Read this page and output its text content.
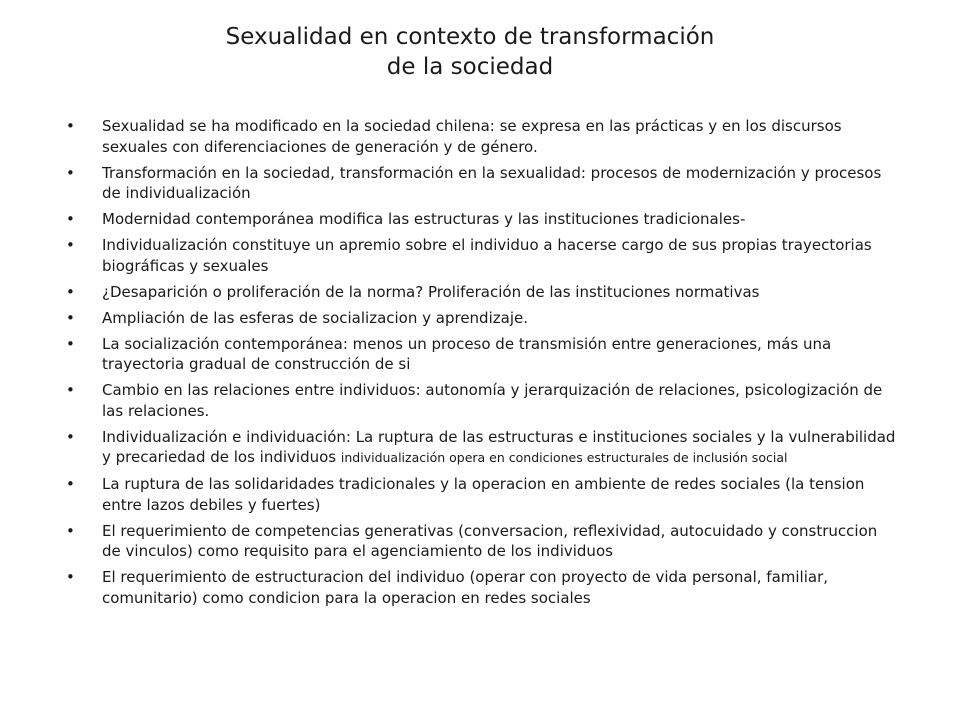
Sexualidad en contexto de transformación
de la sociedad
• Sexualidad se ha modificado en la sociedad chilena: se expresa en las prácticas y en los discursos sexuales con diferenciaciones de generación y de género.
• Transformación en la sociedad, transformación en la sexualidad: procesos de modernización y procesos de individualización
• Modernidad contemporánea modifica las estructuras y las instituciones tradicionales-
• Individualización constituye un apremio sobre el individuo a hacerse cargo de sus propias trayectorias biográficas y sexuales
• ¿Desaparición o proliferación de la norma? Proliferación de las instituciones normativas
• Ampliación de las esferas de socializacion y aprendizaje.
• La socialización contemporánea: menos un proceso de transmisión entre generaciones, más una trayectoria gradual de construcción de si
• Cambio en las relaciones entre individuos: autonomía y jerarquización de relaciones, psicologización de las relaciones.
• Individualización e individuación: La ruptura de las estructuras e instituciones sociales y la vulnerabilidad y precariedad de los individuos individualización opera en condiciones estructurales de inclusión social
• La ruptura de las solidaridades tradicionales y la operacion en ambiente de redes sociales (la tension entre lazos debiles y fuertes)
• El requerimiento de competencias generativas (conversacion, reflexividad, autocuidado y construccion de vinculos) como requisito para el agenciamiento de los individuos
• El requerimiento de estructuracion del individuo (operar con proyecto de vida personal, familiar, comunitario) como condicion para la operacion en redes sociales
